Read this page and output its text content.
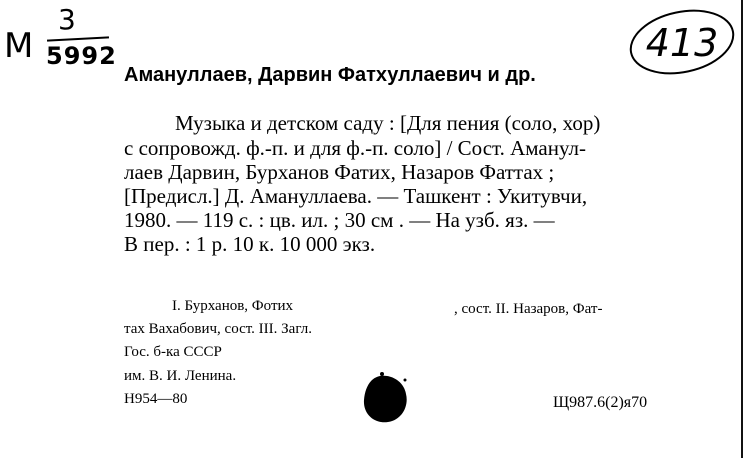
М
3
5992	413
Амануллаев, Дарвин Фатхуллаевич и др.
Музыка и детском саду : [Для пения (соло, хор)
с сопровожд. ф.-п. и для ф.-п. соло] / Сост. Аманул-
лаев Дарвин, Бурханов Фатих, Назаров Фаттах ;
[Предисл.] Д. Амануллаева. — Ташкент : Укитувчи,
1980. — 119 с. : цв. ил. ; 30 см . — На узб. яз. —
В пер. : 1 р. 10 к. 10 000 экз.
I. Бурханов, Фотих	, сост. II. Назаров, Фат-
тах Вахабович, сост. III. Загл.
Гос. б-ка СССР
им. В. И. Ленина.
Н954—80	Щ987.6(2)я70
